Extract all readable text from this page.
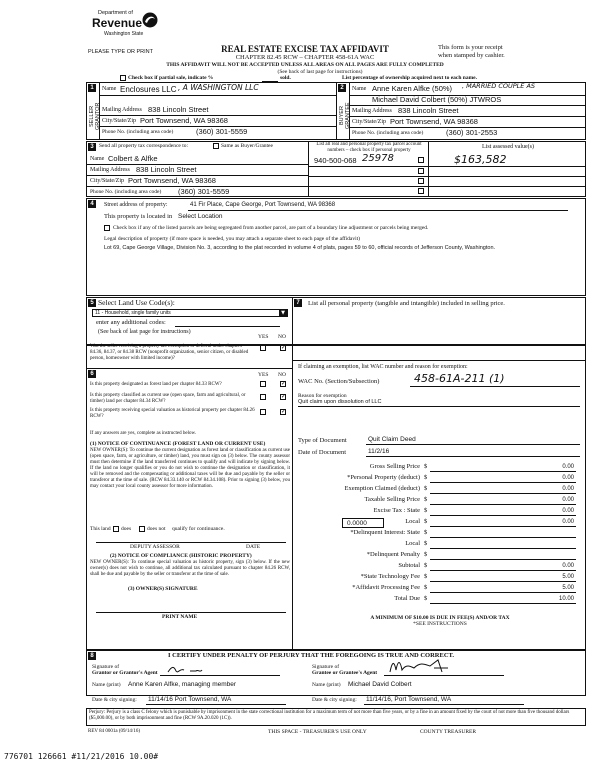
Department of
Revenue
Washington State
PLEASE TYPE OR PRINT	REAL ESTATE EXCISE TAX AFFIDAVIT
CHAPTER 82.45 RCW – CHAPTER 458-61A WAC
THIS AFFIDAVIT WILL NOT BE ACCEPTED UNLESS ALL AREAS ON ALL PAGES ARE FULLY COMPLETED
(See back of last page for instructions)
This form is your receipt
when stamped by cashier.
Check box if partial sale, indicate %	sold.	List percentage of ownership acquired next to each name.
1
SELLER GRANTOR
Name Enclosures LLC , A WASHINGTON LLC
Mailing Address 838 Lincoln Street
City/State/Zip Port Townsend, WA 98368
Phone No. (including area code)	(360) 301-5559
2
BUYER GRANTEE
Name Anne Karen Alfke (50%) , MARRIED COUPLE AS
Michael David Colbert (50%) JTWROS
Mailing Address 838 Lincoln Street
City/State/Zip Port Townsend, WA 98368
Phone No. (including area code)	(360) 301-2553
3 Send all property tax correspondence to:	Same as Buyer/Grantee
Name Colbert & Alfke
Mailing Address 838 Lincoln Street
City/State/Zip Port Townsend, WA 98368
Phone No. (including area code) (360) 301-5559
List all real and personal property tax parcel account
numbers – check box if personal property
940-500-068 25978
List assessed value(s)
$163,582
4	Street address of property:	41 Fir Place, Cape George, Port Townsend, WA 98368
This property is located in Select Location
Check box if any of the listed parcels are being segregated from another parcel, are part of a boundary line adjustment or parcels being merged.
Legal description of property (if more space is needed, you may attach a separate sheet to each page of the affidavit)
Lot 69, Cape George Village, Division No. 3, according to the plat recorded in volume 4 of plats, pages 59 to 60, official records of Jefferson County, Washington.
5 Select Land Use Code(s):
11 - Household, single family units	▼
enter any additional codes:
(See back of last page for instructions)
YES NO
7	List all personal property (tangible and intangible) included in selling price.
Was the seller receiving a property tax exemption or deferral under chapters 84.36, 84.37, or 84.38 RCW (nonprofit organization, senior citizen, or disabled person, homeowner with limited income)?
✓
6	YES NO
Is this property designated as forest land per chapter 84.33 RCW?	✓
Is this property classified as current use (open space, farm and agricultural, or timber) land per chapter 84.34 RCW?
✓
Is this property receiving special valuation as historical property per chapter 84.26 RCW?
✓
If any answers are yes, complete as instructed below.
(1) NOTICE OF CONTINUANCE (FOREST LAND OR CURRENT USE)
NEW OWNER(S): To continue the current designation as forest land or classification as current use (open space, farm, or agriculture, or timber) land, you must sign on (3) below. The county assessor must then determine if the land transferred continues to qualify and will indicate by signing below. If the land no longer qualifies or you do not wish to continue the designation or classification, it will be removed and the compensating or additional taxes will be due and payable by the seller or transferor at the time of sale. (RCW 84.33.140 or RCW 84.34.108). Prior to signing (3) below, you may contact your local county assessor for more information.
This land does	does not qualify for continuance.
DEPUTY ASSESSOR	DATE
(2) NOTICE OF COMPLIANCE (HISTORIC PROPERTY)
NEW OWNER(S): To continue special valuation as historic property, sign (3) below. If the new owner(s) does not wish to continue, all additional tax calculated pursuant to chapter 84.26 RCW, shall be due and payable by the seller or transferor at the time of sale.
(3) OWNER(S) SIGNATURE
PRINT NAME
If claiming an exemption, list WAC number and reason for exemption:
WAC No. (Section/Subsection)	458-61A-211 (1)
Reason for exemption
Quit claim upon dissolution of LLC
Type of Document	Quit Claim Deed
Date of Document	11/2/16
Gross Selling Price $	0.00
*Personal Property (deduct) $	0.00
Exemption Claimed (deduct) $	0.00
Taxable Selling Price $	0.00
Excise Tax : State $	0.00
Local $	0.00
*Delinquent Interest: State $
Local $
*Delinquent Penalty $
Subtotal $	0.00
*State Technology Fee $	5.00
*Affidavit Processing Fee $	5.00
Total Due $	10.00
0.0000
A MINIMUM OF $10.00 IS DUE IN FEE(S) AND/OR TAX
*SEE INSTRUCTIONS
8	I CERTIFY UNDER PENALTY OF PERJURY THAT THE FOREGOING IS TRUE AND CORRECT.
Signature of
Grantor or Grantor's Agent
Signature of
Grantee or Grantee's Agent
Name (print) Anne Karen Alfke, managing member	Name (print) Michael David Colbert
Date & city signing: 11/14/16 Port Townsend, WA	Date & city signing: 11/14/16, Port Townsend, WA
Perjury: Perjury is a class C felony which is punishable by imprisonment in the state correctional institution for a maximum term of not more than five years, or by a fine in an amount fixed by the court of not more than five thousand dollars ($5,000.00), or by both imprisonment and fine (RCW 9A.20.020 (1C)).
REV 84 0001a (09/14/16)	THIS SPACE - TREASURER'S USE ONLY	COUNTY TREASURER
776701 126661 #11/21/2016 10.00#
